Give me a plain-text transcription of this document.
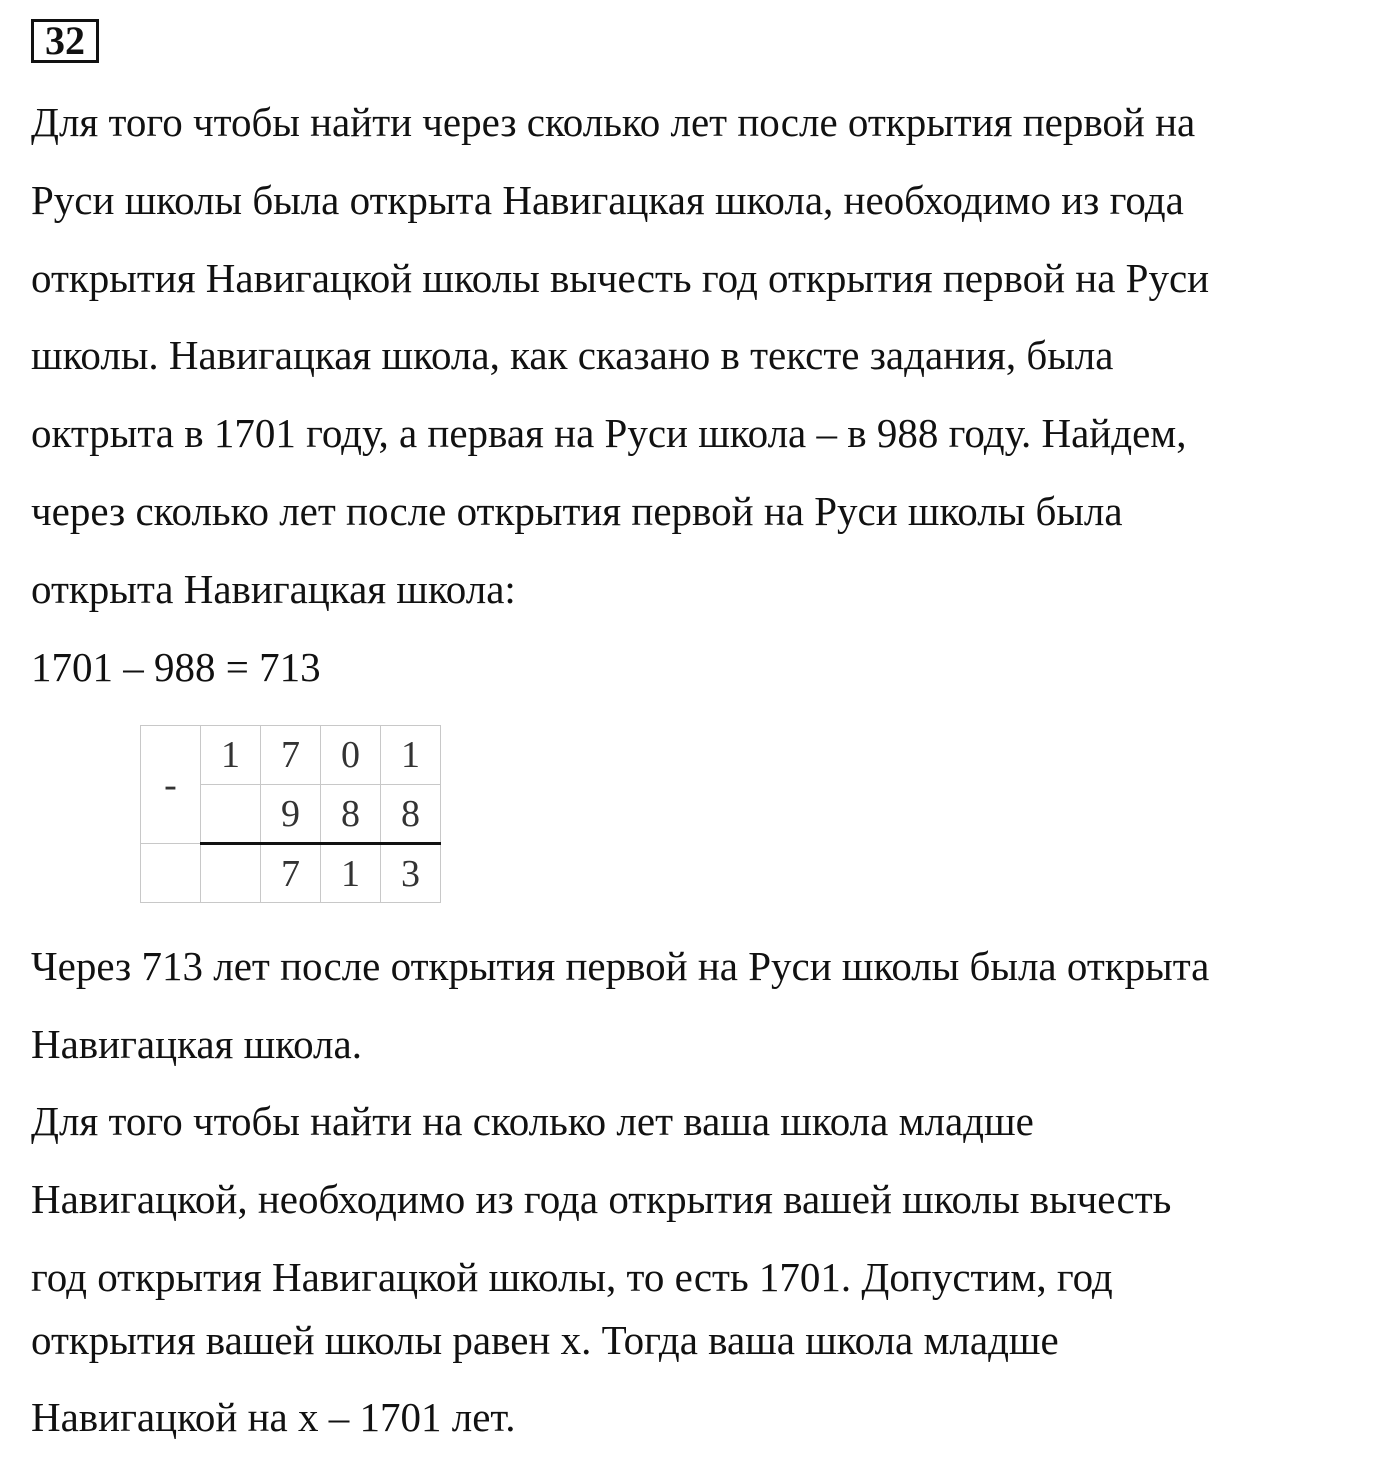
32
Для того чтобы найти через сколько лет после открытия первой на
Руси школы была открыта Навигацкая школа, необходимо из года
открытия Навигацкой школы вычесть год открытия первой на Руси
школы. Навигацкая школа, как сказано в тексте задания, была
октрыта в 1701 году, а первая на Руси школа – в 988 году. Найдем,
через сколько лет после открытия первой на Руси школы была
открыта Навигацкая школа:
1701 – 988 = 713
-	1	7	0	1
		9	8	8
		7	1	3
Через 713 лет после открытия первой на Руси школы была открыта
Навигацкая школа.
Для того чтобы найти на сколько лет ваша школа младше
Навигацкой, необходимо из года открытия вашей школы вычесть
год открытия Навигацкой школы, то есть 1701. Допустим, год
открытия вашей школы равен x. Тогда ваша школа младше
Навигацкой на x – 1701 лет.
